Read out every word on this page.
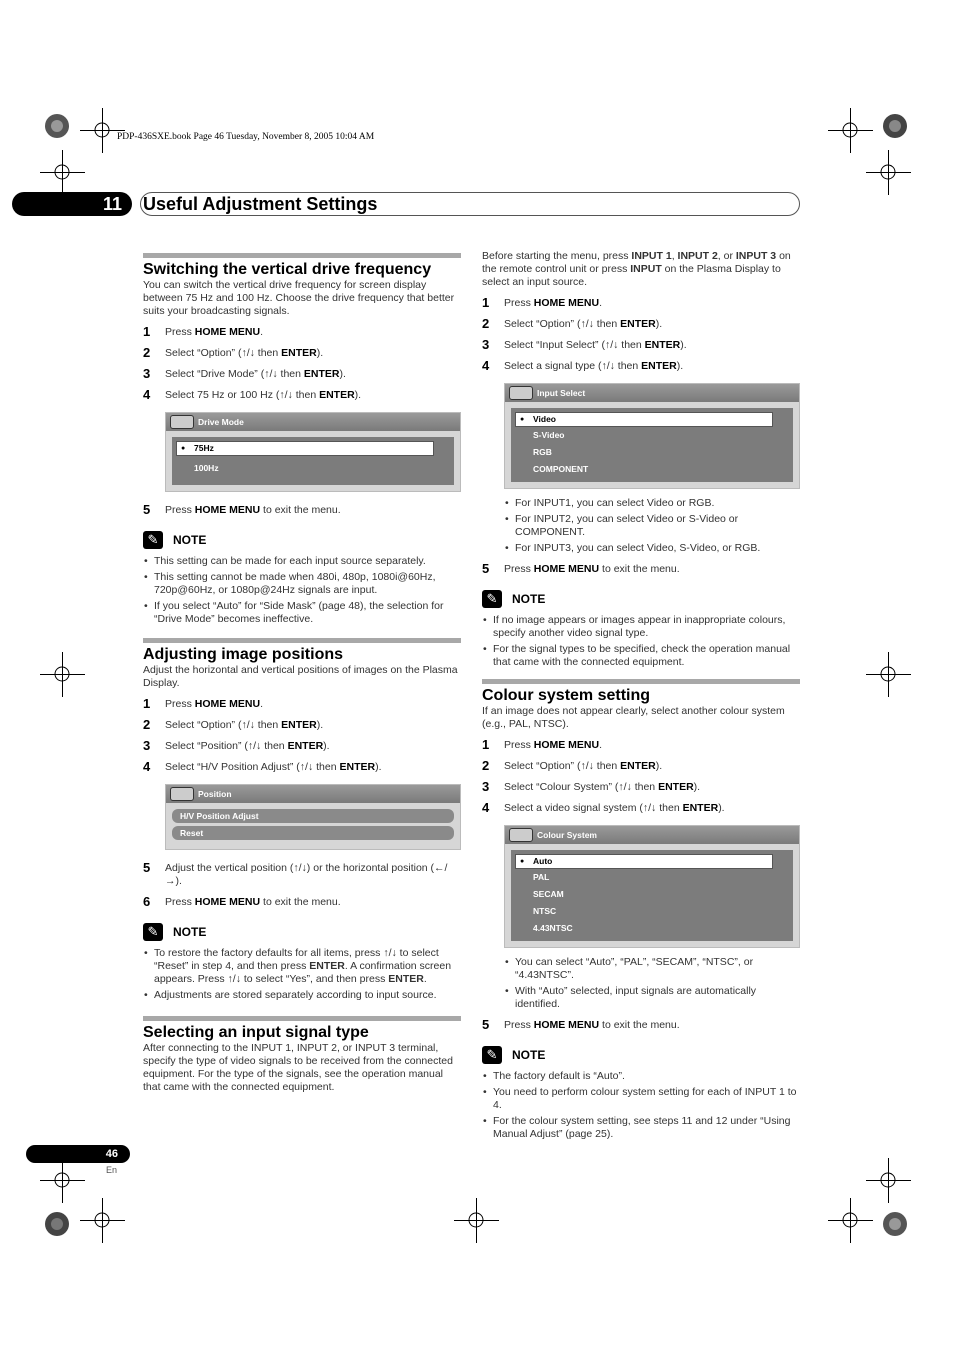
PDP-436SXE.book Page 46 Tuesday, November 8, 2005 10:04 AM
11	Useful Adjustment Settings
Switching the vertical drive frequency

You can switch the vertical drive frequency for screen display between 75 Hz and 100 Hz. Choose the drive frequency that better suits your broadcasting signals.

1 Press HOME MENU.
2 Select “Option” (↑/↓ then ENTER).
3 Select “Drive Mode” (↑/↓ then ENTER).
4 Select 75 Hz or 100 Hz (↑/↓ then ENTER).
Drive Mode
● 75Hz
100Hz
5 Press HOME MENU to exit the menu.
✎	NOTE
• This setting can be made for each input source separately.
• This setting cannot be made when 480i, 480p, 1080i@60Hz, 720p@60Hz, or 1080p@24Hz signals are input.
• If you select “Auto” for “Side Mask” (page 48), the selection for “Drive Mode” becomes ineffective.
Adjusting image positions

Adjust the horizontal and vertical positions of images on the Plasma Display.

1 Press HOME MENU.
2 Select “Option” (↑/↓ then ENTER).
3 Select “Position” (↑/↓ then ENTER).
4 Select “H/V Position Adjust” (↑/↓ then ENTER).
Position
H/V Position Adjust
Reset
5 Adjust the vertical position (↑/↓) or the horizontal position (←/→).
6 Press HOME MENU to exit the menu.
✎	NOTE
• To restore the factory defaults for all items, press ↑/↓ to select “Reset” in step 4, and then press ENTER. A confirmation screen appears. Press ↑/↓ to select “Yes”, and then press ENTER.
• Adjustments are stored separately according to input source.
Selecting an input signal type

After connecting to the INPUT 1, INPUT 2, or INPUT 3 terminal, specify the type of video signals to be received from the connected equipment. For the type of the signals, see the operation manual that came with the connected equipment.

Before starting the menu, press INPUT 1, INPUT 2, or INPUT 3 on the remote control unit or press INPUT on the Plasma Display to select an input source.

1 Press HOME MENU.
2 Select “Option” (↑/↓ then ENTER).
3 Select “Input Select” (↑/↓ then ENTER).
4 Select a signal type (↑/↓ then ENTER).
Input Select
● Video
S-Video
RGB
COMPONENT
• For INPUT1, you can select Video or RGB.
• For INPUT2, you can select Video or S-Video or COMPONENT.
• For INPUT3, you can select Video, S-Video, or RGB.
5 Press HOME MENU to exit the menu.
✎	NOTE
• If no image appears or images appear in inappropriate colours, specify another video signal type.
• For the signal types to be specified, check the operation manual that came with the connected equipment.
Colour system setting

If an image does not appear clearly, select another colour system (e.g., PAL, NTSC).

1 Press HOME MENU.
2 Select “Option” (↑/↓ then ENTER).
3 Select “Colour System” (↑/↓ then ENTER).
4 Select a video signal system (↑/↓ then ENTER).
Colour System
● Auto
PAL
SECAM
NTSC
4.43NTSC
• You can select “Auto”, “PAL”, “SECAM”, “NTSC”, or “4.43NTSC”.
• With “Auto” selected, input signals are automatically identified.
5 Press HOME MENU to exit the menu.
✎	NOTE
• The factory default is “Auto”.
• You need to perform colour system setting for each of INPUT 1 to 4.
• For the colour system setting, see steps 11 and 12 under “Using Manual Adjust” (page 25).
46
En
